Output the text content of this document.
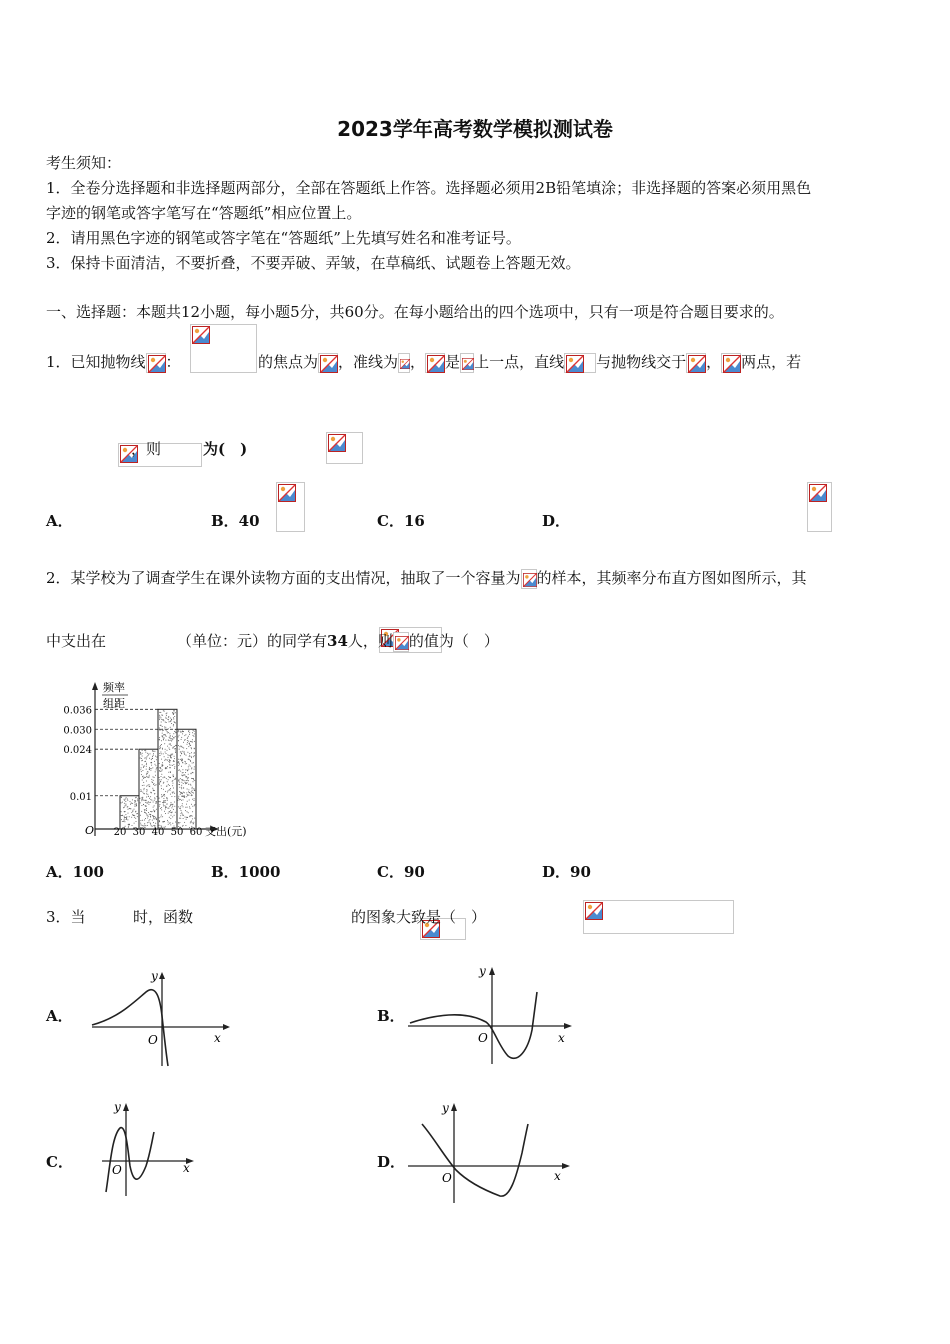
2023学年高考数学模拟测试卷
考生须知：
1．全卷分选择题和非选择题两部分，全部在答题纸上作答。选择题必须用2B铅笔填涂；非选择题的答案必须用黑色
字迹的钢笔或答字笔写在“答题纸”相应位置上。
2．请用黑色字迹的钢笔或答字笔在“答题纸”上先填写姓名和准考证号。
3．保持卡面清洁，不要折叠，不要弄破、弄皱，在草稿纸、试题卷上答题无效。
一、选择题：本题共12小题，每小题5分，共60分。在每小题给出的四个选项中，只有一项是符合题目要求的。
1．已知抛物线 ：
	的焦点为 ，准线为 ， 是 上一点，直线 与抛物线交于 ， 两点，若

，则
	为(　)
A．
	B．40	C．16	D．

2．某学校为了调查学生在课外读物方面的支出情况，抽取了一个容量为 的样本，其频率分布直方图如图所示，其
中支出在
	（单位：元）的同学有34人，则 的值为（　）
频率
组距
O	支出(元)
0.036
0.030
0.024
0.01
20 30 40 50 60
A．100	B．1000	C．90	D．90
3．当
	时，函数	的图象大致是（　）
A．
y
x
O
B．
y
x
O
C．
y
x
O	D．
y
x
O
